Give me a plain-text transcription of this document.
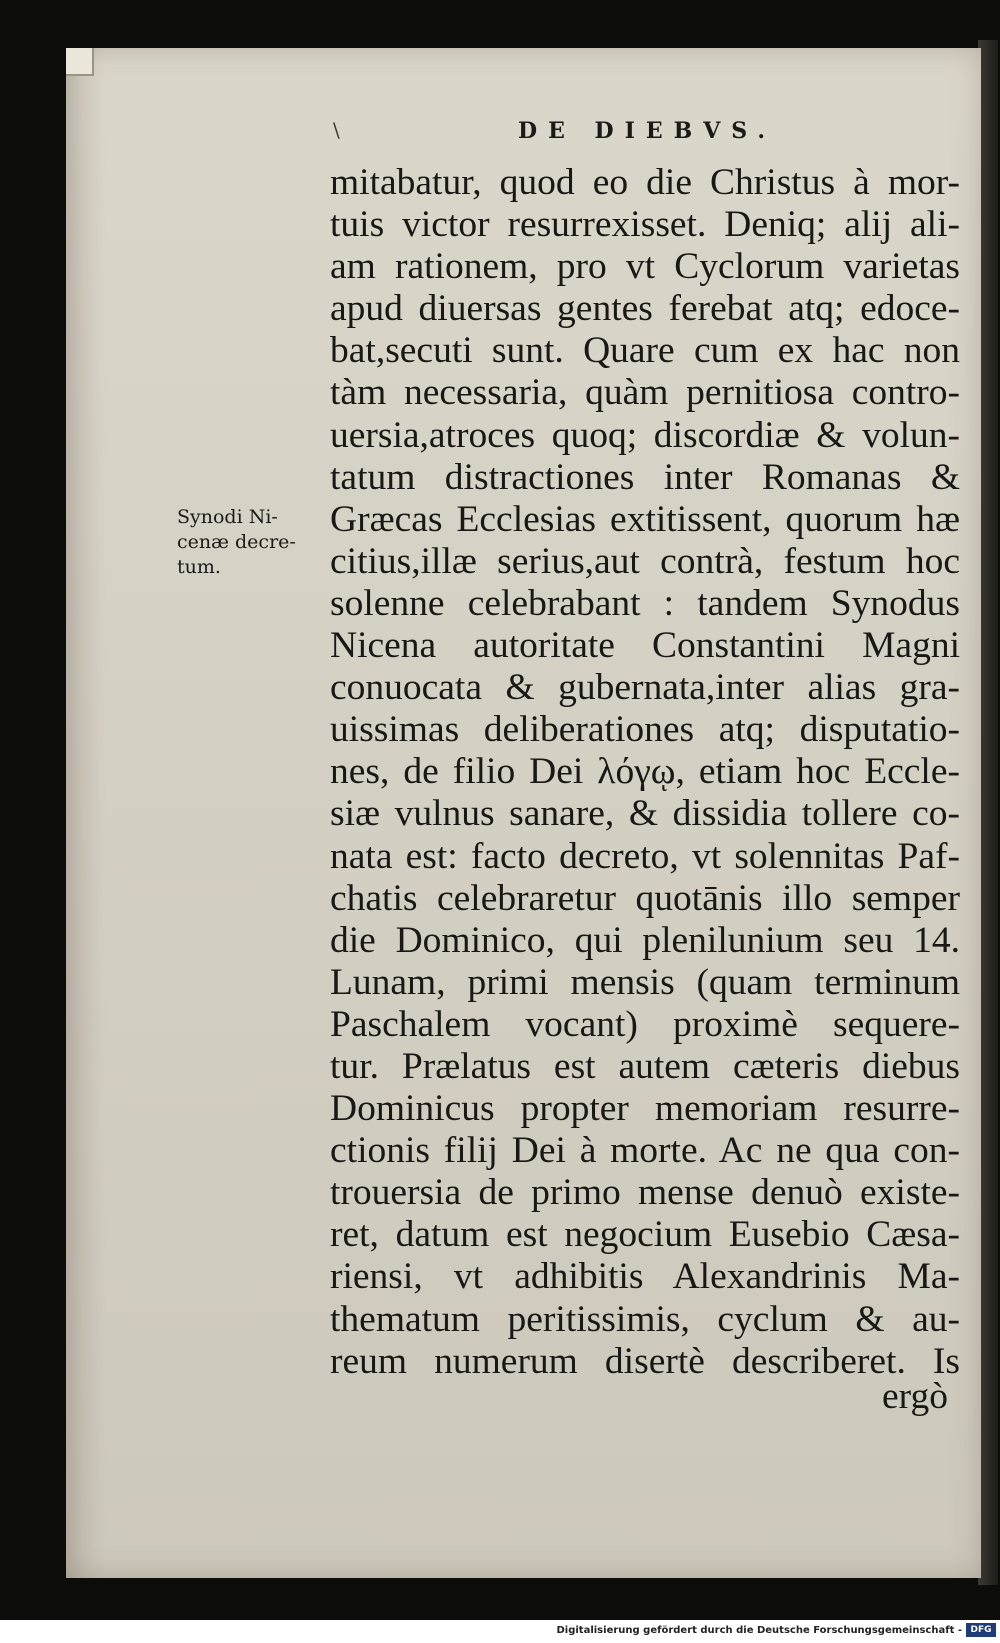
\	DE DIEBVS.
Synodi Ni-
cenæ decre-
tum.
mitabatur, quod eo die Christus à mor-
tuis victor resurrexisset. Deniq; alij ali-
am rationem, pro vt Cyclorum varietas
apud diuersas gentes ferebat atq; edoce-
bat,secuti sunt. Quare cum ex hac non
tàm necessaria, quàm pernitiosa contro-
uersia,atroces quoq; discordiæ & volun-
tatum distractiones inter Romanas &
Græcas Ecclesias extitissent, quorum hæ
citius,illæ serius,aut contrà, festum hoc
solenne celebrabant : tandem Synodus
Nicena autoritate Constantini Magni
conuocata & gubernata,inter alias gra-
uissimas deliberationes atq; disputatio-
nes, de filio Dei λόγῳ, etiam hoc Eccle-
siæ vulnus sanare, & dissidia tollere co-
nata est: facto decreto, vt solennitas Paf-
chatis celebraretur quotānis illo semper
die Dominico, qui plenilunium seu 14.
Lunam, primi mensis (quam terminum
Paschalem vocant) proximè sequere-
tur. Prælatus est autem cæteris diebus
Dominicus propter memoriam resurre-
ctionis filij Dei à morte. Ac ne qua con-
trouersia de primo mense denuò existe-
ret, datum est negocium Eusebio Cæsa-
riensi, vt adhibitis Alexandrinis Ma-
thematum peritissimis, cyclum & au-
reum numerum disertè describeret. Is
ergò
Digitalisierung gefördert durch die Deutsche Forschungsgemeinschaft - DFG
